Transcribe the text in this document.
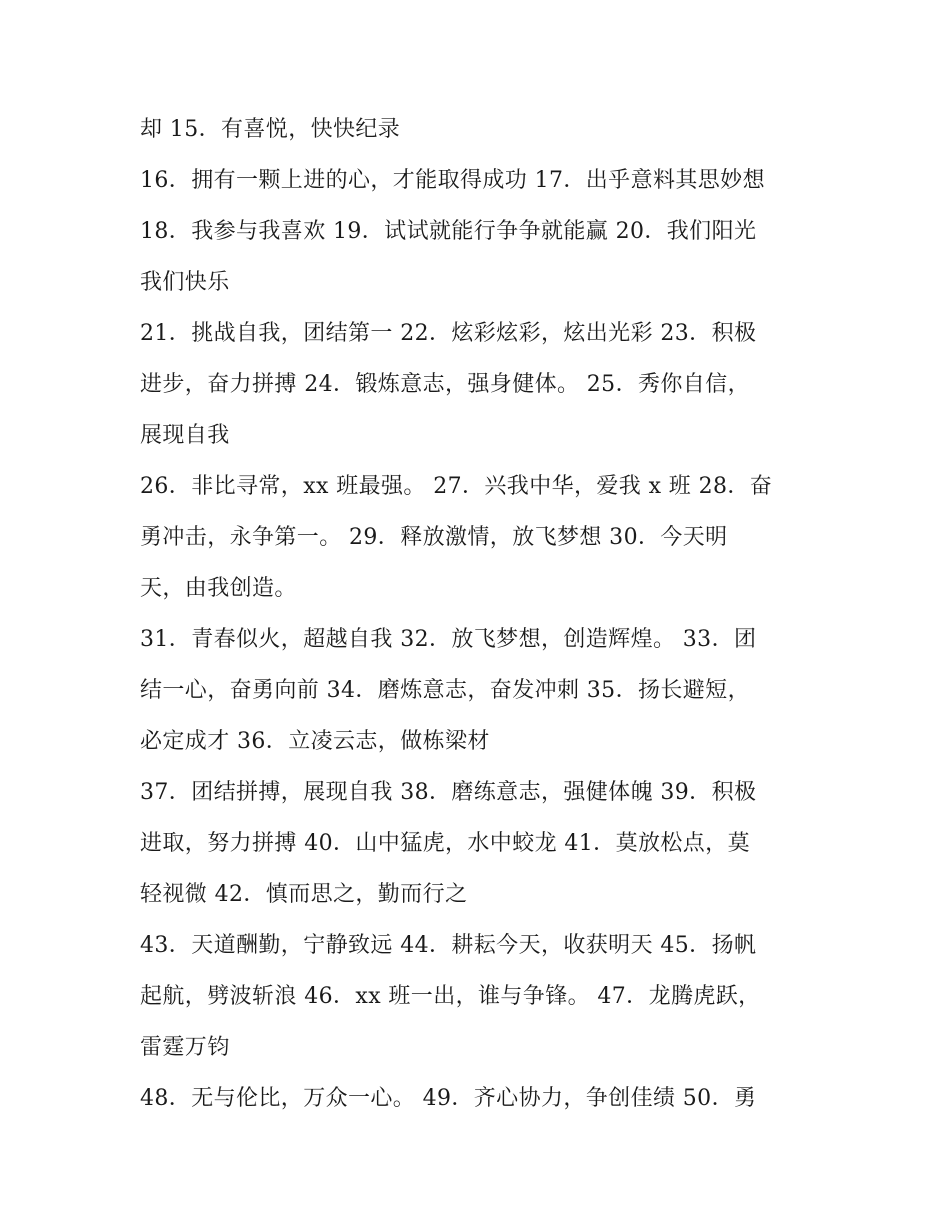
却 15．有喜悦，快快纪录
16．拥有一颗上进的心，才能取得成功 17．出乎意料其思妙想
18．我参与我喜欢 19．试试就能行争争就能赢 20．我们阳光
我们快乐
21．挑战自我，团结第一 22．炫彩炫彩，炫出光彩 23．积极
进步，奋力拼搏 24．锻炼意志，强身健体。 25．秀你自信，
展现自我
26．非比寻常，xx 班最强。 27．兴我中华，爱我 x 班 28．奋
勇冲击，永争第一。 29．释放激情，放飞梦想 30．今天明
天，由我创造。
31．青春似火，超越自我 32．放飞梦想，创造辉煌。 33．团
结一心，奋勇向前 34．磨炼意志，奋发冲刺 35．扬长避短，
必定成才 36．立凌云志，做栋梁材
37．团结拼搏，展现自我 38．磨练意志，强健体魄 39．积极
进取，努力拼搏 40．山中猛虎，水中蛟龙 41．莫放松点，莫
轻视微 42．慎而思之，勤而行之
43．天道酬勤，宁静致远 44．耕耘今天，收获明天 45．扬帆
起航，劈波斩浪 46．xx 班一出，谁与争锋。 47．龙腾虎跃，
雷霆万钧
48．无与伦比，万众一心。 49．齐心协力，争创佳绩 50．勇
